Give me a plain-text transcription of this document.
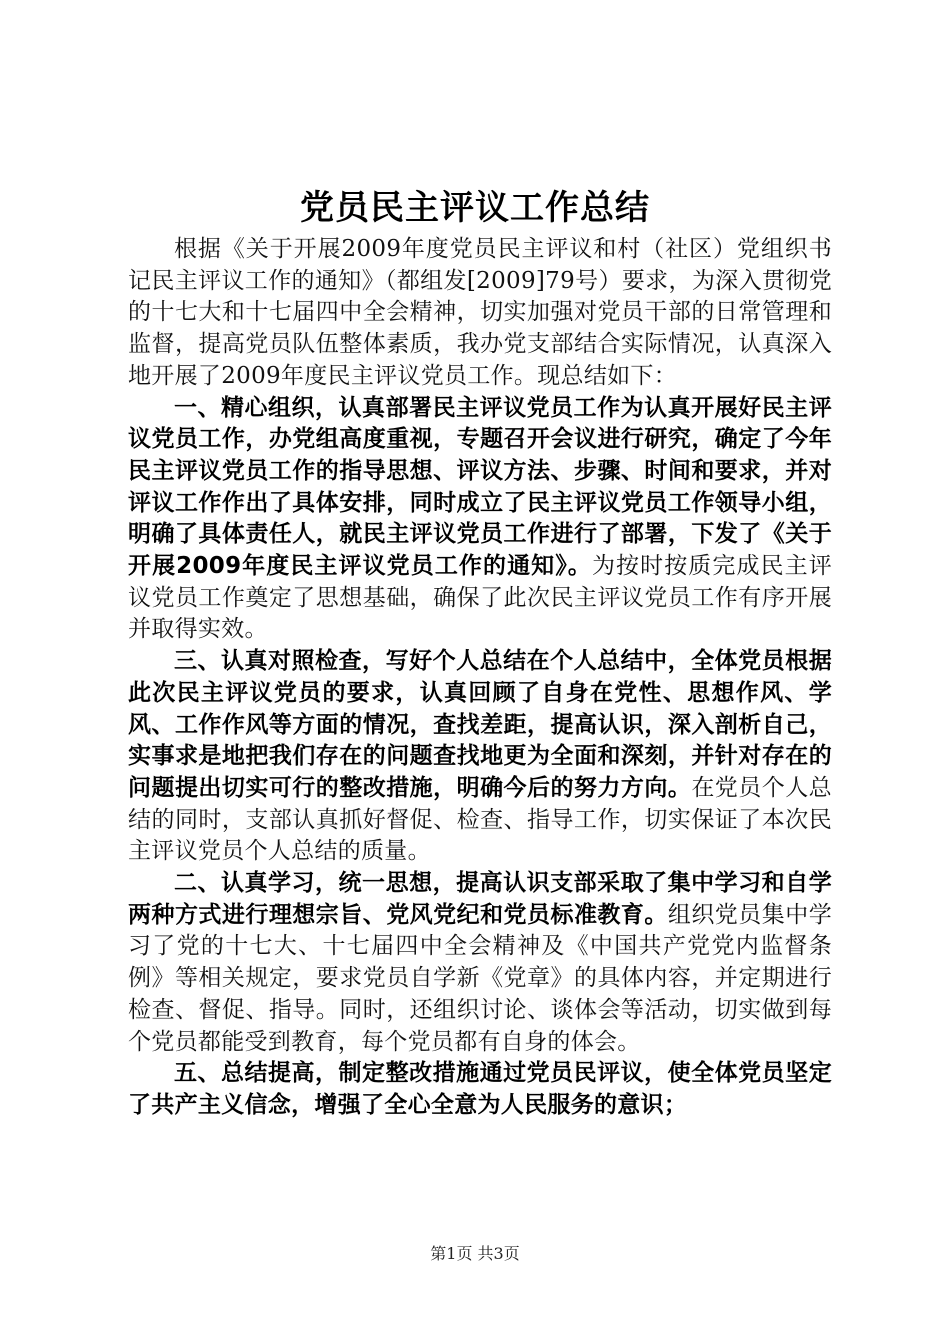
党员民主评议工作总结

根据《关于开展2009年度党员民主评议和村（社区）党组织书记民主评议工作的通知》（都组发[2009]79号）要求，为深入贯彻党的十七大和十七届四中全会精神，切实加强对党员干部的日常管理和监督，提高党员队伍整体素质，我办党支部结合实际情况，认真深入地开展了2009年度民主评议党员工作。现总结如下：

一、精心组织，认真部署民主评议党员工作为认真开展好民主评议党员工作，办党组高度重视，专题召开会议进行研究，确定了今年民主评议党员工作的指导思想、评议方法、步骤、时间和要求，并对评议工作作出了具体安排，同时成立了民主评议党员工作领导小组，明确了具体责任人，就民主评议党员工作进行了部署，下发了《关于开展2009年度民主评议党员工作的通知》。为按时按质完成民主评议党员工作奠定了思想基础，确保了此次民主评议党员工作有序开展并取得实效。

三、认真对照检查，写好个人总结在个人总结中，全体党员根据此次民主评议党员的要求，认真回顾了自身在党性、思想作风、学风、工作作风等方面的情况，查找差距，提高认识，深入剖析自己，实事求是地把我们存在的问题查找地更为全面和深刻，并针对存在的问题提出切实可行的整改措施，明确今后的努力方向。在党员个人总结的同时，支部认真抓好督促、检查、指导工作，切实保证了本次民主评议党员个人总结的质量。

二、认真学习，统一思想，提高认识支部采取了集中学习和自学两种方式进行理想宗旨、党风党纪和党员标准教育。组织党员集中学习了党的十七大、十七届四中全会精神及《中国共产党党内监督条例》等相关规定，要求党员自学新《党章》的具体内容，并定期进行检查、督促、指导。同时，还组织讨论、谈体会等活动，切实做到每个党员都能受到教育，每个党员都有自身的体会。

五、总结提高，制定整改措施通过党员民评议，使全体党员坚定了共产主义信念，增强了全心全意为人民服务的意识；

第1页 共3页
